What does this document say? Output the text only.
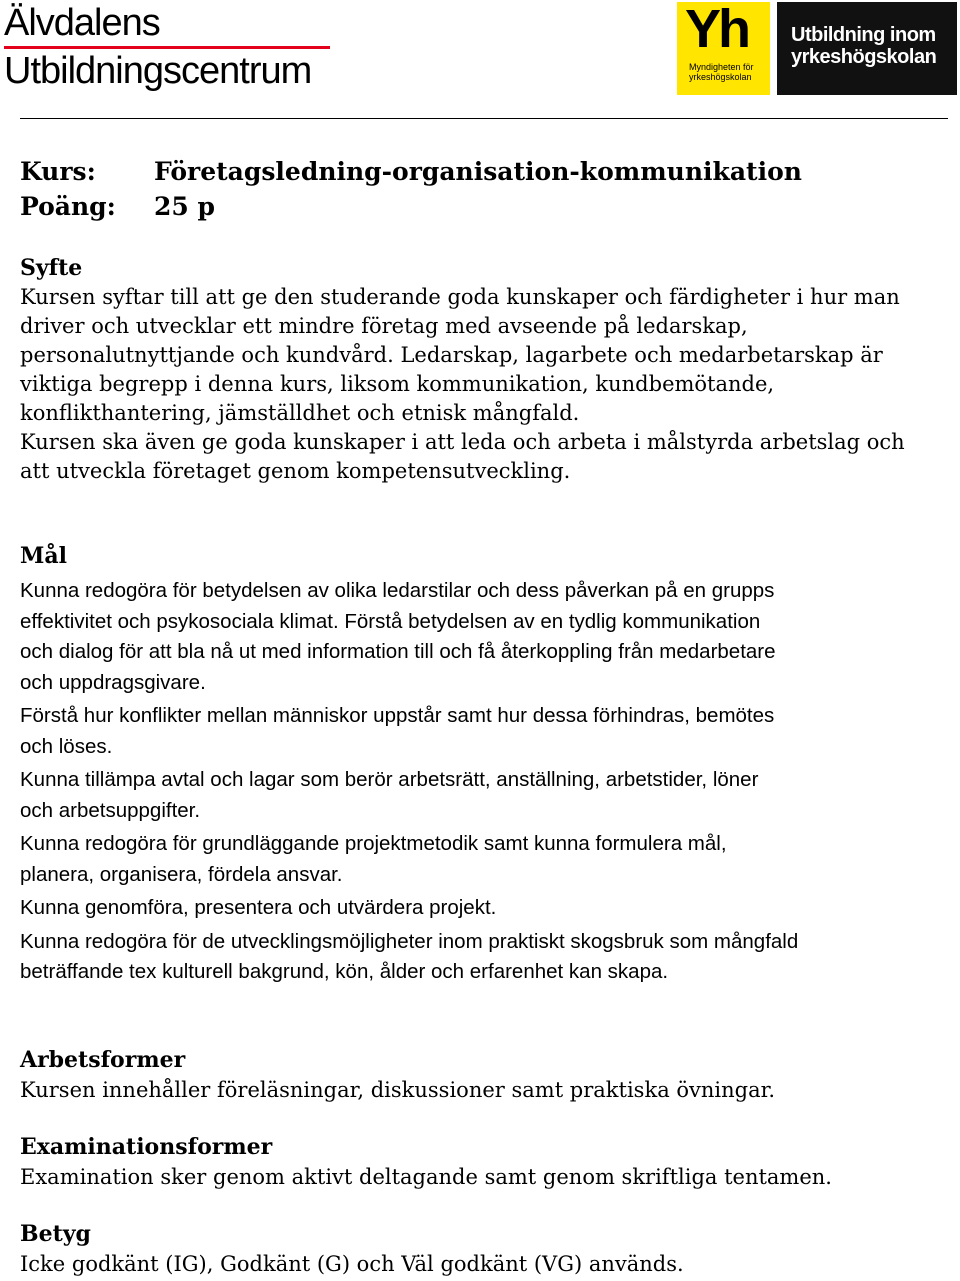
Älvdalens
Utbildningscentrum
Yh
Myndigheten för
yrkeshögskolan
Utbildning inom
yrkeshögskolan
Kurs: Företagsledning-organisation-kommunikation
Poäng: 25 p
Syfte
Kursen syftar till att ge den studerande goda kunskaper och färdigheter i hur man
driver och utvecklar ett mindre företag med avseende på ledarskap,
personalutnyttjande och kundvård. Ledarskap, lagarbete och medarbetarskap är
viktiga begrepp i denna kurs, liksom kommunikation, kundbemötande,
konflikthantering, jämställdhet och etnisk mångfald.
Kursen ska även ge goda kunskaper i att leda och arbeta i målstyrda arbetslag och
att utveckla företaget genom kompetensutveckling.
Mål

Kunna redogöra för betydelsen av olika ledarstilar och dess påverkan på en grupps
effektivitet och psykosociala klimat. Förstå betydelsen av en tydlig kommunikation
och dialog för att bla nå ut med information till och få återkoppling från medarbetare
och uppdragsgivare.

Förstå hur konflikter mellan människor uppstår samt hur dessa förhindras, bemötes
och löses.

Kunna tillämpa avtal och lagar som berör arbetsrätt, anställning, arbetstider, löner
och arbetsuppgifter.

Kunna redogöra för grundläggande projektmetodik samt kunna formulera mål,
planera, organisera, fördela ansvar.

Kunna genomföra, presentera och utvärdera projekt.

Kunna redogöra för de utvecklingsmöjligheter inom praktiskt skogsbruk som mångfald
beträffande tex kulturell bakgrund, kön, ålder och erfarenhet kan skapa.

Arbetsformer
Kursen innehåller föreläsningar, diskussioner samt praktiska övningar.
Examinationsformer
Examination sker genom aktivt deltagande samt genom skriftliga tentamen.
Betyg
Icke godkänt (IG), Godkänt (G) och Väl godkänt (VG) används.
